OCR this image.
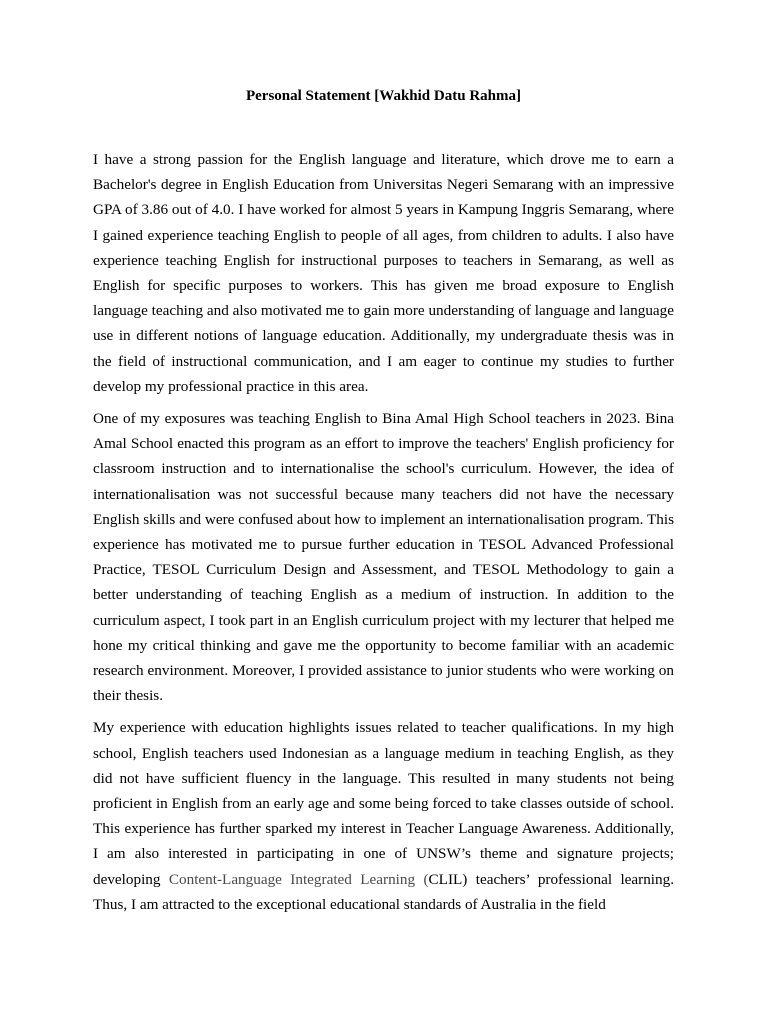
Personal Statement [Wakhid Datu Rahma]

I have a strong passion for the English language and literature, which drove me to earn a Bachelor's degree in English Education from Universitas Negeri Semarang with an impressive GPA of 3.86 out of 4.0. I have worked for almost 5 years in Kampung Inggris Semarang, where I gained experience teaching English to people of all ages, from children to adults. I also have experience teaching English for instructional purposes to teachers in Semarang, as well as English for specific purposes to workers. This has given me broad exposure to English language teaching and also motivated me to gain more understanding of language and language use in different notions of language education. Additionally, my undergraduate thesis was in the field of instructional communication, and I am eager to continue my studies to further develop my professional practice in this area.

One of my exposures was teaching English to Bina Amal High School teachers in 2023. Bina Amal School enacted this program as an effort to improve the teachers' English proficiency for classroom instruction and to internationalise the school's curriculum. However, the idea of internationalisation was not successful because many teachers did not have the necessary English skills and were confused about how to implement an internationalisation program. This experience has motivated me to pursue further education in TESOL Advanced Professional Practice, TESOL Curriculum Design and Assessment, and TESOL Methodology to gain a better understanding of teaching English as a medium of instruction. In addition to the curriculum aspect, I took part in an English curriculum project with my lecturer that helped me hone my critical thinking and gave me the opportunity to become familiar with an academic research environment. Moreover, I provided assistance to junior students who were working on their thesis.

My experience with education highlights issues related to teacher qualifications. In my high school, English teachers used Indonesian as a language medium in teaching English, as they did not have sufficient fluency in the language. This resulted in many students not being proficient in English from an early age and some being forced to take classes outside of school. This experience has further sparked my interest in Teacher Language Awareness. Additionally, I am also interested in participating in one of UNSW’s theme and signature projects; developing Content-Language Integrated Learning (CLIL) teachers’ professional learning. Thus, I am attracted to the exceptional educational standards of Australia in the field
